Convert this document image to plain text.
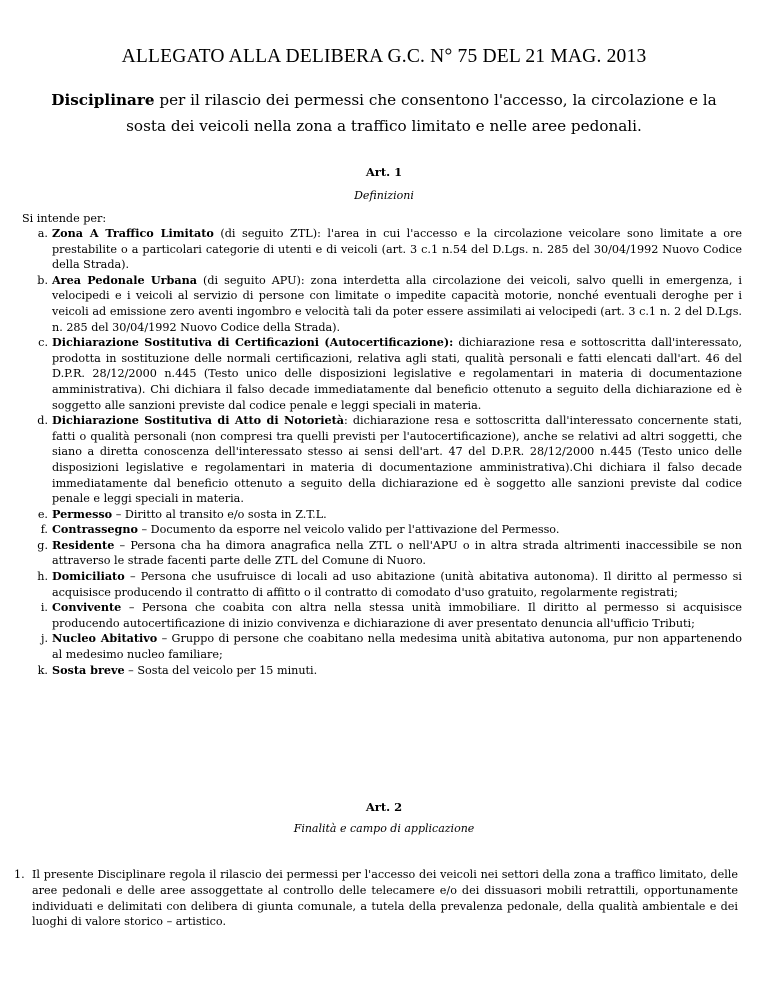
ALLEGATO ALLA DELIBERA G.C. N° 75 DEL 21 MAG. 2013
Disciplinare per il rilascio dei permessi che consentono l'accesso, la circolazione e la sosta dei veicoli nella zona a traffico limitato e nelle aree pedonali.
Art. 1
Definizioni
Si intende per:
a. Zona A Traffico Limitato (di seguito ZTL): l'area in cui l'accesso e la circolazione veicolare sono limitate a ore prestabilite o a particolari categorie di utenti e di veicoli (art. 3 c.1 n.54 del D.Lgs. n. 285 del 30/04/1992 Nuovo Codice della Strada).
b. Area Pedonale Urbana (di seguito APU): zona interdetta alla circolazione dei veicoli, salvo quelli in emergenza, i velocipedi e i veicoli al servizio di persone con limitate o impedite capacità motorie, nonché eventuali deroghe per i veicoli ad emissione zero aventi ingombro e velocità tali da poter essere assimilati ai velocipedi (art. 3 c.1 n. 2 del D.Lgs. n. 285 del 30/04/1992 Nuovo Codice della Strada).
c. Dichiarazione Sostitutiva di Certificazioni (Autocertificazione): dichiarazione resa e sottoscritta dall'interessato, prodotta in sostituzione delle normali certificazioni, relativa agli stati, qualità personali e fatti elencati dall'art. 46 del D.P.R. 28/12/2000 n.445 (Testo unico delle disposizioni legislative e regolamentari in materia di documentazione amministrativa). Chi dichiara il falso decade immediatamente dal beneficio ottenuto a seguito della dichiarazione ed è soggetto alle sanzioni previste dal codice penale e leggi speciali in materia.
d. Dichiarazione Sostitutiva di Atto di Notorietà: dichiarazione resa e sottoscritta dall'interessato concernente stati, fatti o qualità personali (non compresi tra quelli previsti per l'autocertificazione), anche se relativi ad altri soggetti, che siano a diretta conoscenza dell'interessato stesso ai sensi dell'art. 47 del D.P.R. 28/12/2000 n.445 (Testo unico delle disposizioni legislative e regolamentari in materia di documentazione amministrativa).Chi dichiara il falso decade immediatamente dal beneficio ottenuto a seguito della dichiarazione ed è soggetto alle sanzioni previste dal codice penale e leggi speciali in materia.
e. Permesso – Diritto al transito e/o sosta in Z.T.L.
f. Contrassegno – Documento da esporre nel veicolo valido per l'attivazione del Permesso.
g. Residente – Persona cha ha dimora anagrafica nella ZTL o nell'APU o in altra strada altrimenti inaccessibile se non attraverso le strade facenti parte delle ZTL del Comune di Nuoro.
h. Domiciliato – Persona che usufruisce di locali ad uso abitazione (unità abitativa autonoma). Il diritto al permesso si acquisisce producendo il contratto di affitto o il contratto di comodato d'uso gratuito, regolarmente registrati;
i. Convivente – Persona che coabita con altra nella stessa unità immobiliare. Il diritto al permesso si acquisisce producendo autocertificazione di inizio convivenza e dichiarazione di aver presentato denuncia all'ufficio Tributi;
j. Nucleo Abitativo – Gruppo di persone che coabitano nella medesima unità abitativa autonoma, pur non appartenendo al medesimo nucleo familiare;
k. Sosta breve – Sosta del veicolo per 15 minuti.
Art. 2
Finalità e campo di applicazione
1. Il presente Disciplinare regola il rilascio dei permessi per l'accesso dei veicoli nei settori della zona a traffico limitato, delle aree pedonali e delle aree assoggettate al controllo delle telecamere e/o dei dissuasori mobili retrattili, opportunamente individuati e delimitati con delibera di giunta comunale, a tutela della prevalenza pedonale, della qualità ambientale e dei luoghi di valore storico – artistico.
